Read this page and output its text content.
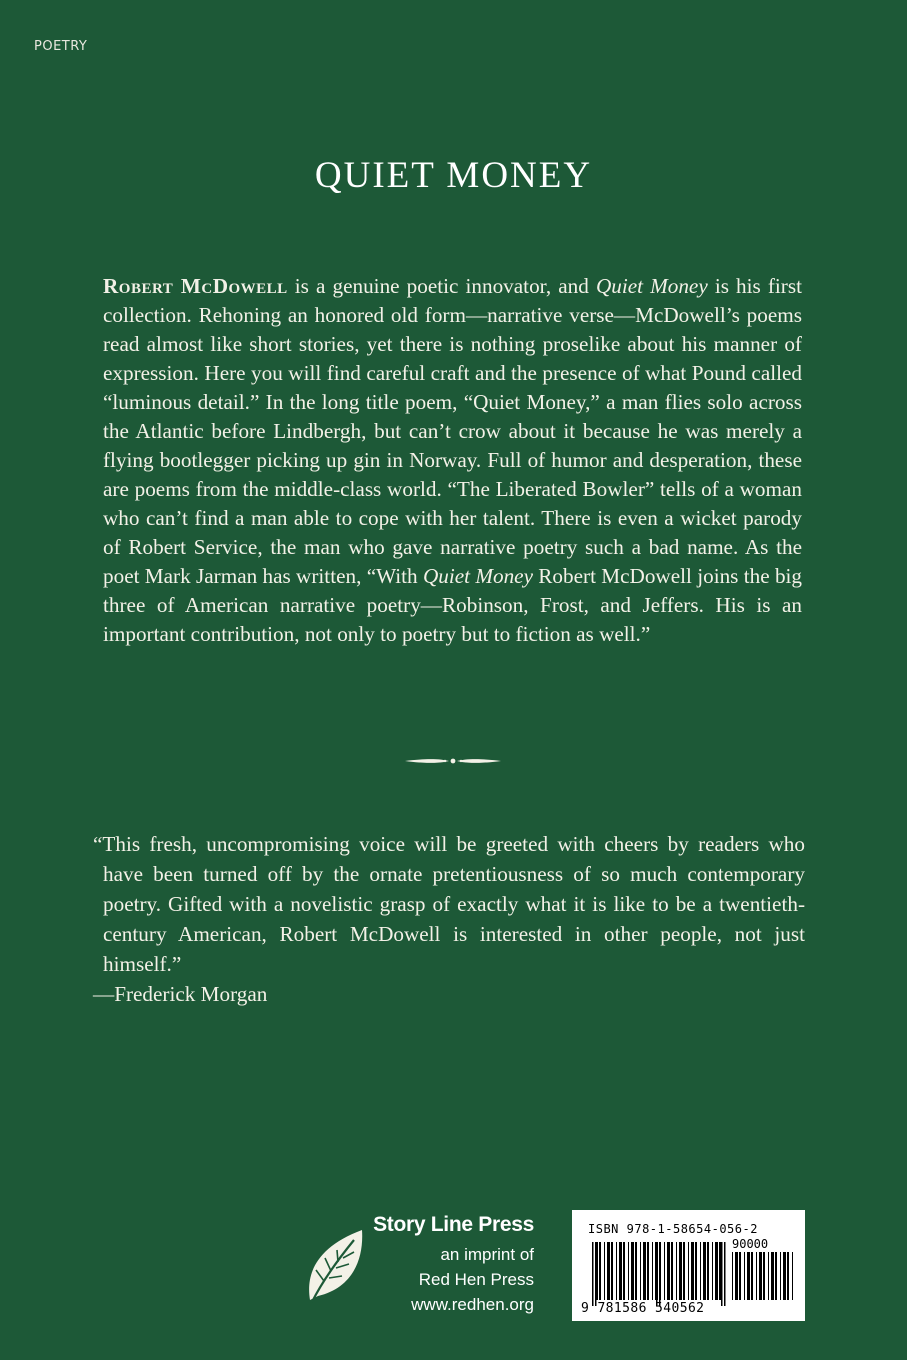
POETRY
QUIET MONEY

Robert McDowell is a genuine poetic innovator, and Quiet Money is his first collection. Rehoning an honored old form—narrative verse—McDowell’s poems read almost like short stories, yet there is nothing proselike about his manner of expression. Here you will find careful craft and the presence of what Pound called “luminous detail.” In the long title poem, “Quiet Money,” a man flies solo across the Atlantic before Lindbergh, but can’t crow about it because he was merely a flying bootlegger picking up gin in Norway. Full of humor and desperation, these are poems from the middle-class world. “The Liberated Bowler” tells of a woman who can’t find a man able to cope with her talent. There is even a wicket parody of Robert Service, the man who gave narrative poetry such a bad name. As the poet Mark Jarman has written, “With Quiet Money Robert McDowell joins the big three of American narrative poetry—Robinson, Frost, and Jeffers. His is an important contribution, not only to poetry but to fiction as well.”

“This fresh, uncompromising voice will be greeted with cheers by readers who have been turned off by the ornate pretentiousness of so much contemporary poetry. Gifted with a novelistic grasp of exactly what it is like to be a twentieth-century American, Robert McDowell is interested in other people, not just himself.”
—Frederick Morgan

Story Line Press
an imprint of
Red Hen Press
www.redhen.org
ISBN 978-1-58654-056-2
90000
9 781586 540562
